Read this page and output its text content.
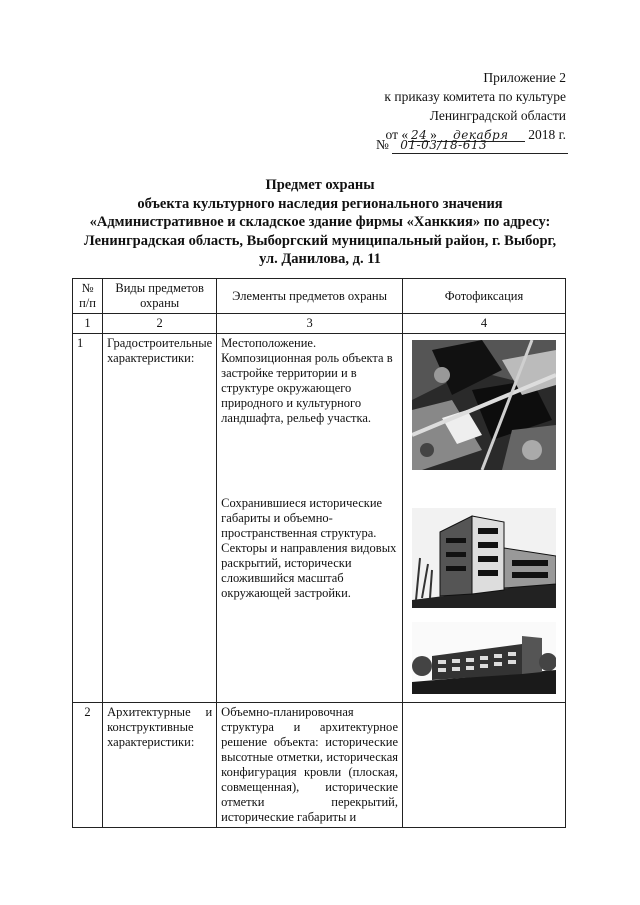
Приложение 2
к приказу комитета по культуре
Ленинградской области
от « 24 » декабря 2018 г.
№ 01-03/18-613
Предмет охраны
объекта культурного наследия регионального значения
«Административное и складское здание фирмы «Ханккия» по адресу:
Ленинградская область, Выборгский муниципальный район, г. Выборг,
ул. Данилова, д. 11
№ п/п	Виды предметов охраны	Элементы предметов охраны	Фотофиксация
1	2	3	4
1	Градостроительные характеристики:	Местоположение. Композиционная роль объекта в застройке территории и в структуре окружающего природного и культурного ландшафта, рельеф участка.
Сохранившиеся исторические габариты и объемно-пространственная структура. Секторы и направления видовых раскрытий, исторически сложившийся масштаб окружающей застройки.

2	Архитектурные и конструктивные характеристики:	Объемно-планировочная структура и архитектурное решение объекта: исторические высотные отметки, историческая конфигурация кровли (плоская, совмещенная), исторические отметки перекрытий, исторические габариты и	
